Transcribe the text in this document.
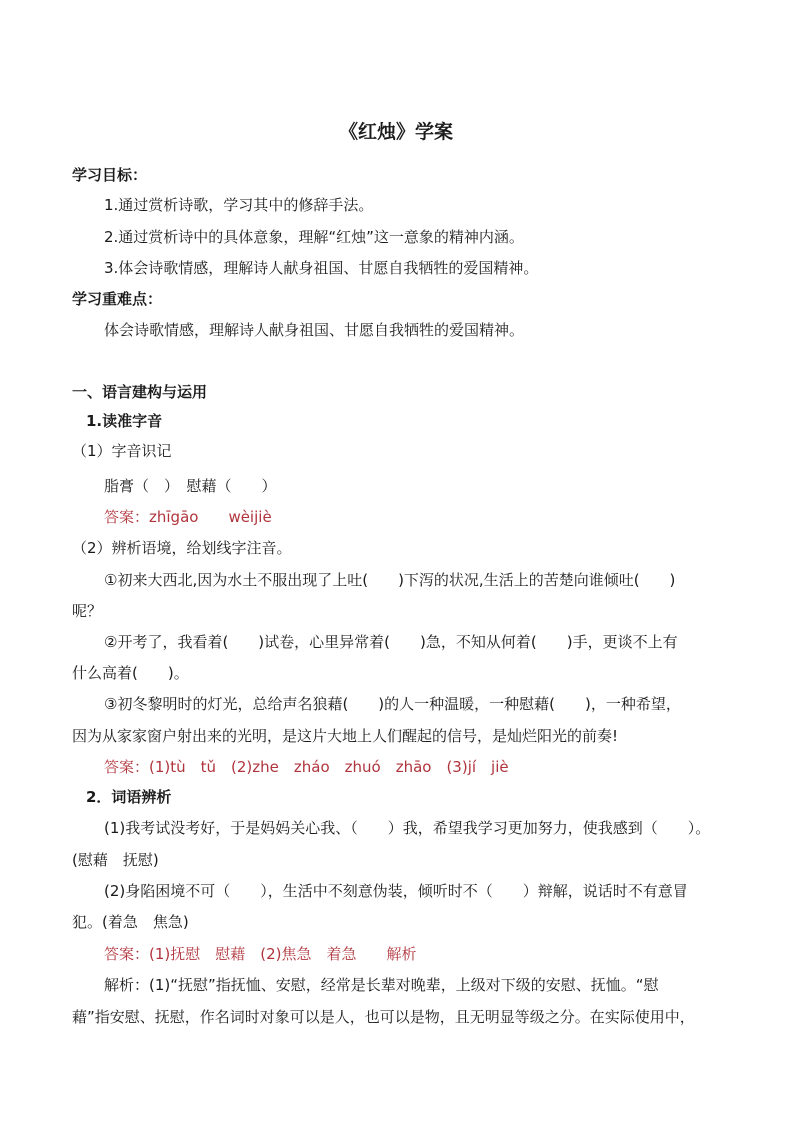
《红烛》学案
学习目标：
1.通过赏析诗歌，学习其中的修辞手法。
2.通过赏析诗中的具体意象，理解“红烛”这一意象的精神内涵。
3.体会诗歌情感，理解诗人献身祖国、甘愿自我牺牲的爱国精神。
学习重难点：
体会诗歌情感，理解诗人献身祖国、甘愿自我牺牲的爱国精神。
一、语言建构与运用
1.读准字音
（1）字音识记
脂膏（　）　慰藉（　　）
答案：zhīgāo　　wèijiè
（2）辨析语境，给划线字注音。
①初来大西北,因为水土不服出现了上吐(　　)下泻的状况,生活上的苦楚向谁倾吐(　　)
呢？
②开考了，我看着(　　)试卷，心里异常着(　　)急，不知从何着(　　)手，更谈不上有
什么高着(　　)。
③初冬黎明时的灯光，总给声名狼藉(　　)的人一种温暖，一种慰藉(　　)，一种希望，
因为从家家窗户射出来的光明，是这片大地上人们醒起的信号，是灿烂阳光的前奏!
答案：(1)tù　tǔ　(2)zhe　zháo　zhuó　zhāo　(3)jí　jiè
2．词语辨析
(1)我考试没考好，于是妈妈关心我、（　　）我，希望我学习更加努力，使我感到（　　）。
(慰藉　抚慰)
(2)身陷困境不可（　　），生活中不刻意伪装，倾听时不（　　）辩解，说话时不有意冒
犯。(着急　焦急)
答案：(1)抚慰　慰藉　(2)焦急　着急　　解析
解析：(1)“抚慰”指抚恤、安慰，经常是长辈对晚辈，上级对下级的安慰、抚恤。“慰
藉”指安慰、抚慰，作名词时对象可以是人，也可以是物，且无明显等级之分。在实际使用中，
